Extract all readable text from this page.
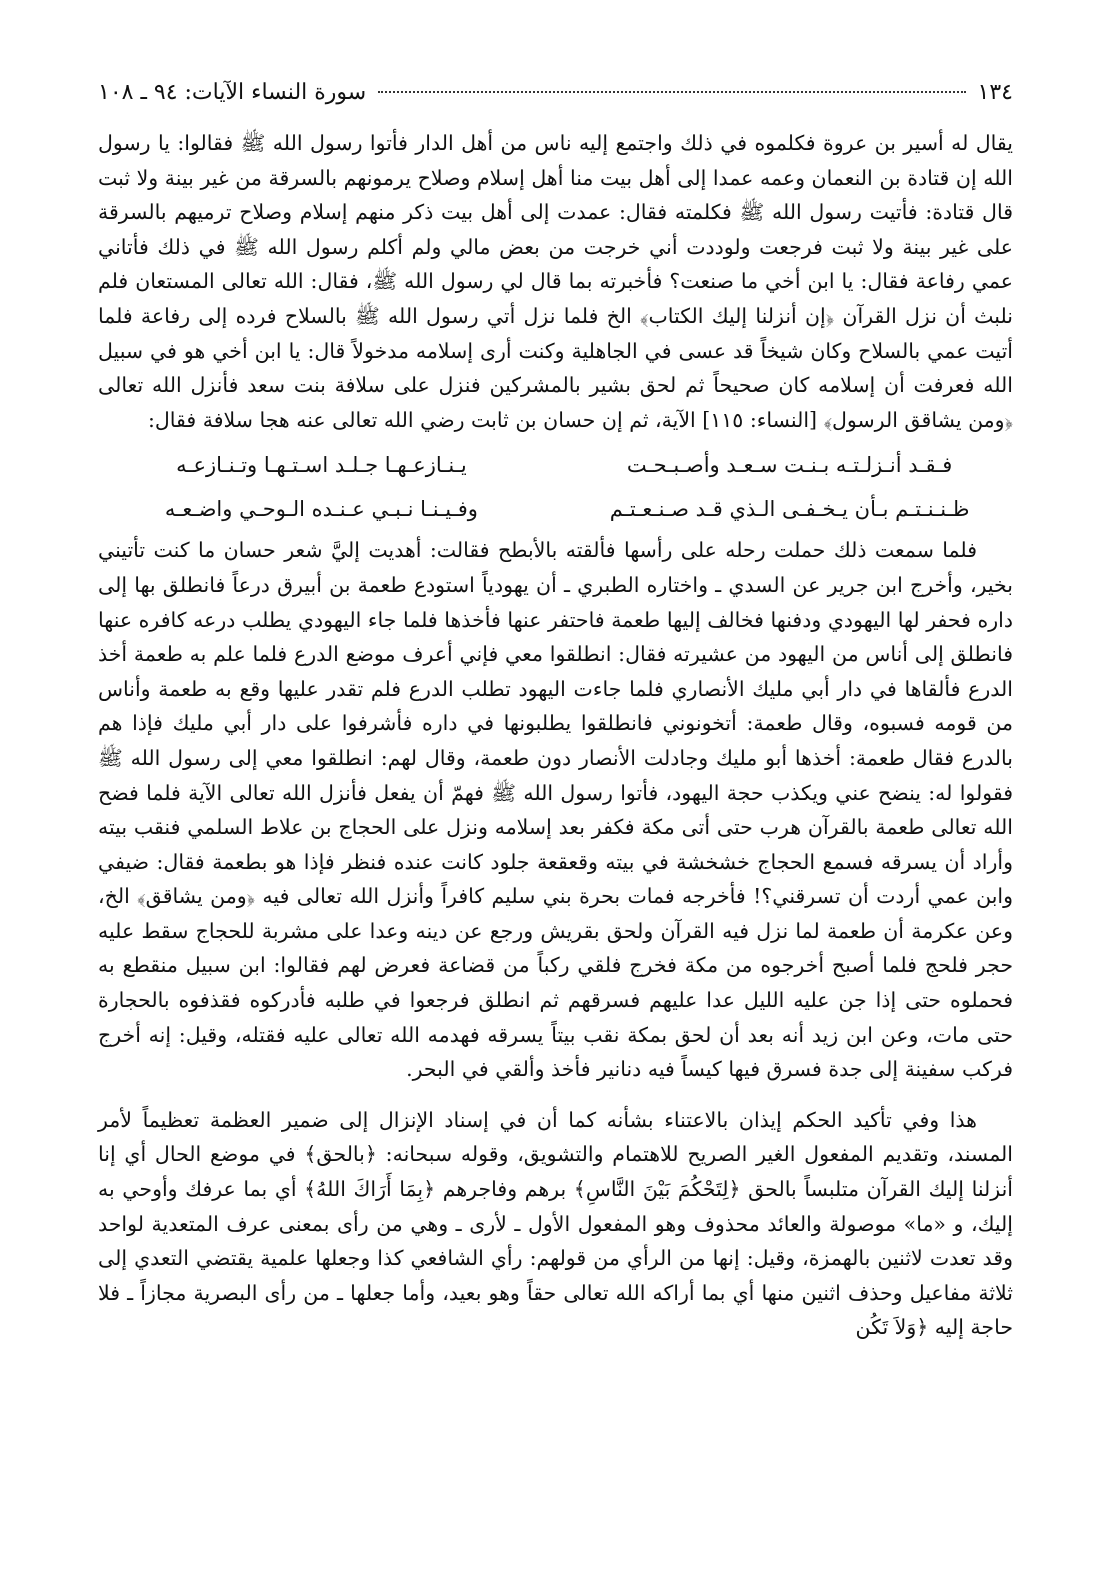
١٣٤
سورة النساء الآيات: ٩٤ ـ ١٠٨

يقال له أسير بن عروة فكلموه في ذلك واجتمع إليه ناس من أهل الدار فأتوا رسول الله ﷺ فقالوا: يا رسول الله إن قتادة بن النعمان وعمه عمدا إلى أهل بيت منا أهل إسلام وصلاح يرمونهم بالسرقة من غير بينة ولا ثبت قال قتادة: فأتيت رسول الله ﷺ فكلمته فقال: عمدت إلى أهل بيت ذكر منهم إسلام وصلاح ترميهم بالسرقة على غير بينة ولا ثبت فرجعت ولوددت أني خرجت من بعض مالي ولم أكلم رسول الله ﷺ في ذلك فأتاني عمي رفاعة فقال: يا ابن أخي ما صنعت؟ فأخبرته بما قال لي رسول الله ﷺ، فقال: الله تعالى المستعان فلم نلبث أن نزل القرآن ﴿إن أنزلنا إليك الكتاب﴾ الخ فلما نزل أتي رسول الله ﷺ بالسلاح فرده إلى رفاعة فلما أتيت عمي بالسلاح وكان شيخاً قد عسى في الجاهلية وكنت أرى إسلامه مدخولاً قال: يا ابن أخي هو في سبيل الله فعرفت أن إسلامه كان صحيحاً ثم لحق بشير بالمشركين فنزل على سلافة بنت سعد فأنزل الله تعالى ﴿ومن يشاقق الرسول﴾ [النساء: ١١٥] الآية، ثم إن حسان بن ثابت رضي الله تعالى عنه هجا سلافة فقال:

فـقـد أنـزلـتـه بـنـت سـعـد وأصـبـحـت
يـنـازعـهـا جـلـد اسـتـهـا وتـنـازعـه
ظـنـنـتـم بـأن يـخـفـى الـذي قـد صـنـعـتـم
وفـيـنـا نـبـي عـنـده الـوحـي واضـعـه

فلما سمعت ذلك حملت رحله على رأسها فألقته بالأبطح فقالت: أهديت إليَّ شعر حسان ما كنت تأتيني بخير، وأخرج ابن جرير عن السدي ـ واختاره الطبري ـ أن يهودياً استودع طعمة بن أبيرق درعاً فانطلق بها إلى داره فحفر لها اليهودي ودفنها فخالف إليها طعمة فاحتفر عنها فأخذها فلما جاء اليهودي يطلب درعه كافره عنها فانطلق إلى أناس من اليهود من عشيرته فقال: انطلقوا معي فإني أعرف موضع الدرع فلما علم به طعمة أخذ الدرع فألقاها في دار أبي مليك الأنصاري فلما جاءت اليهود تطلب الدرع فلم تقدر عليها وقع به طعمة وأناس من قومه فسبوه، وقال طعمة: أتخونوني فانطلقوا يطلبونها في داره فأشرفوا على دار أبي مليك فإذا هم بالدرع فقال طعمة: أخذها أبو مليك وجادلت الأنصار دون طعمة، وقال لهم: انطلقوا معي إلى رسول الله ﷺ فقولوا له: ينضح عني ويكذب حجة اليهود، فأتوا رسول الله ﷺ فهمّ أن يفعل فأنزل الله تعالى الآية فلما فضح الله تعالى طعمة بالقرآن هرب حتى أتى مكة فكفر بعد إسلامه ونزل على الحجاج بن علاط السلمي فنقب بيته وأراد أن يسرقه فسمع الحجاج خشخشة في بيته وقعقعة جلود كانت عنده فنظر فإذا هو بطعمة فقال: ضيفي وابن عمي أردت أن تسرقني؟! فأخرجه فمات بحرة بني سليم كافراً وأنزل الله تعالى فيه ﴿ومن يشاقق﴾ الخ، وعن عكرمة أن طعمة لما نزل فيه القرآن ولحق بقريش ورجع عن دينه وعدا على مشربة للحجاج سقط عليه حجر فلحج فلما أصبح أخرجوه من مكة فخرج فلقي ركباً من قضاعة فعرض لهم فقالوا: ابن سبيل منقطع به فحملوه حتى إذا جن عليه الليل عدا عليهم فسرقهم ثم انطلق فرجعوا في طلبه فأدركوه فقذفوه بالحجارة حتى مات، وعن ابن زيد أنه بعد أن لحق بمكة نقب بيتاً يسرقه فهدمه الله تعالى عليه فقتله، وقيل: إنه أخرج فركب سفينة إلى جدة فسرق فيها كيساً فيه دنانير فأخذ وألقي في البحر.

هذا وفي تأكيد الحكم إيذان بالاعتناء بشأنه كما أن في إسناد الإنزال إلى ضمير العظمة تعظيماً لأمر المسند، وتقديم المفعول الغير الصريح للاهتمام والتشويق، وقوله سبحانه: ﴿بالحق﴾ في موضع الحال أي إنا أنزلنا إليك القرآن متلبساً بالحق ﴿لِتَحْكُمَ بَيْنَ النَّاسِ﴾ برهم وفاجرهم ﴿بِمَا أَرَاكَ اللهُ﴾ أي بما عرفك وأوحي به إليك، و «ما» موصولة والعائد محذوف وهو المفعول الأول ـ لأرى ـ وهي من رأى بمعنى عرف المتعدية لواحد وقد تعدت لاثنين بالهمزة، وقيل: إنها من الرأي من قولهم: رأي الشافعي كذا وجعلها علمية يقتضي التعدي إلى ثلاثة مفاعيل وحذف اثنين منها أي بما أراكه الله تعالى حقاً وهو بعيد، وأما جعلها ـ من رأى البصرية مجازاً ـ فلا حاجة إليه ﴿وَلاَ تَكُن
